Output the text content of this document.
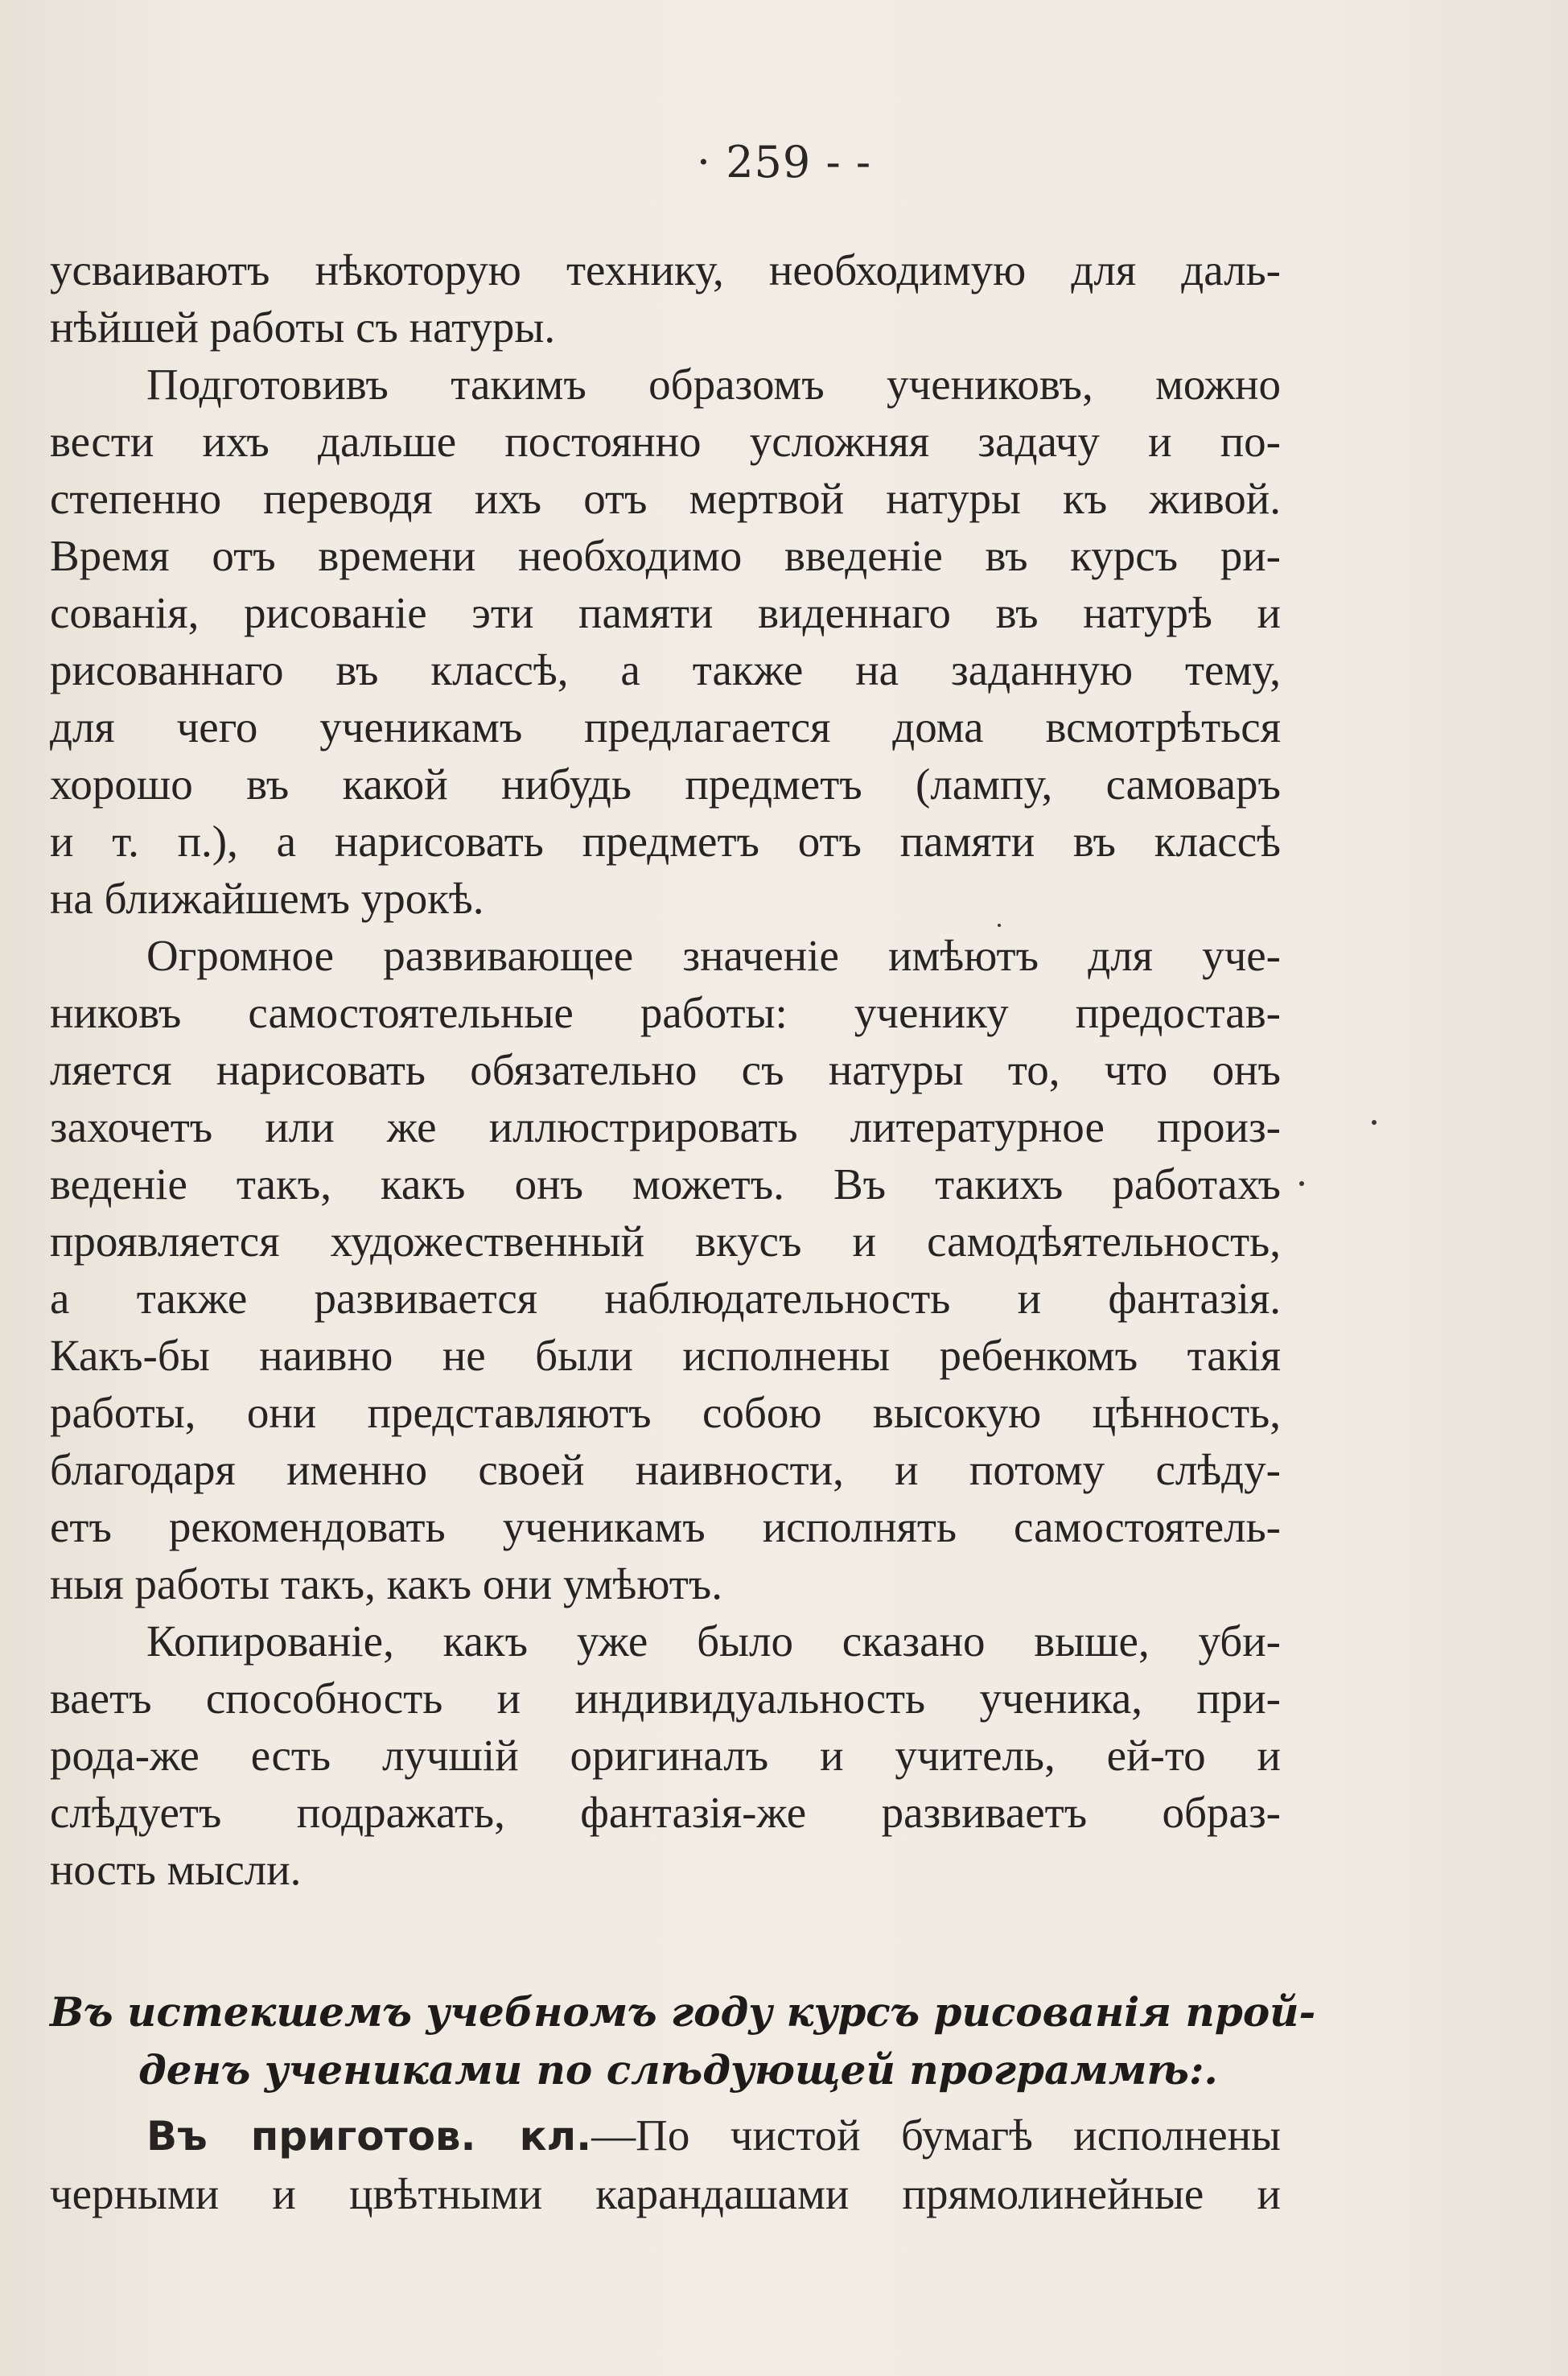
· 259 - -
усваиваютъ нѣкоторую технику, необходимую для даль-
нѣйшей работы съ натуры.
Подготовивъ такимъ образомъ учениковъ, можно
вести ихъ дальше постоянно усложняя задачу и по-
степенно переводя ихъ отъ мертвой натуры къ живой.
Время отъ времени необходимо введеніе въ курсъ ри-
сованія, рисованіе эти памяти виденнаго въ натурѣ и
рисованнаго въ классѣ, а также на заданную тему,
для чего ученикамъ предлагается дома всмотрѣться
хорошо въ какой нибудь предметъ (лампу, самоваръ
и т. п.), а нарисовать предметъ отъ памяти въ классѣ
на ближайшемъ урокѣ.
Огромное развивающее значеніе имѣютъ для уче-
никовъ самостоятельные работы: ученику предостав-
ляется нарисовать обязательно съ натуры то, что онъ
захочетъ или же иллюстрировать литературное произ-
веденіе такъ, какъ онъ можетъ. Въ такихъ работахъ
проявляется художественный вкусъ и самодѣятельность,
а также развивается наблюдательность и фантазія.
Какъ-бы наивно не были исполнены ребенкомъ такія
работы, они представляютъ собою высокую цѣнность,
благодаря именно своей наивности, и потому слѣду-
етъ рекомендовать ученикамъ исполнять самостоятель-
ныя работы такъ, какъ они умѣютъ.
Копированіе, какъ уже было сказано выше, уби-
ваетъ способность и индивидуальность ученика, при-
рода-же есть лучшій оригиналъ и учитель, ей-то и
слѣдуетъ подражать, фантазія-же развиваетъ образ-
ность мысли.
Въ истекшемъ учебномъ году курсъ рисованія прой-
денъ учениками по слѣдующей программѣ:.
Въ приготов. кл.—По чистой бумагѣ исполнены
черными и цвѣтными карандашами прямолинейные и
